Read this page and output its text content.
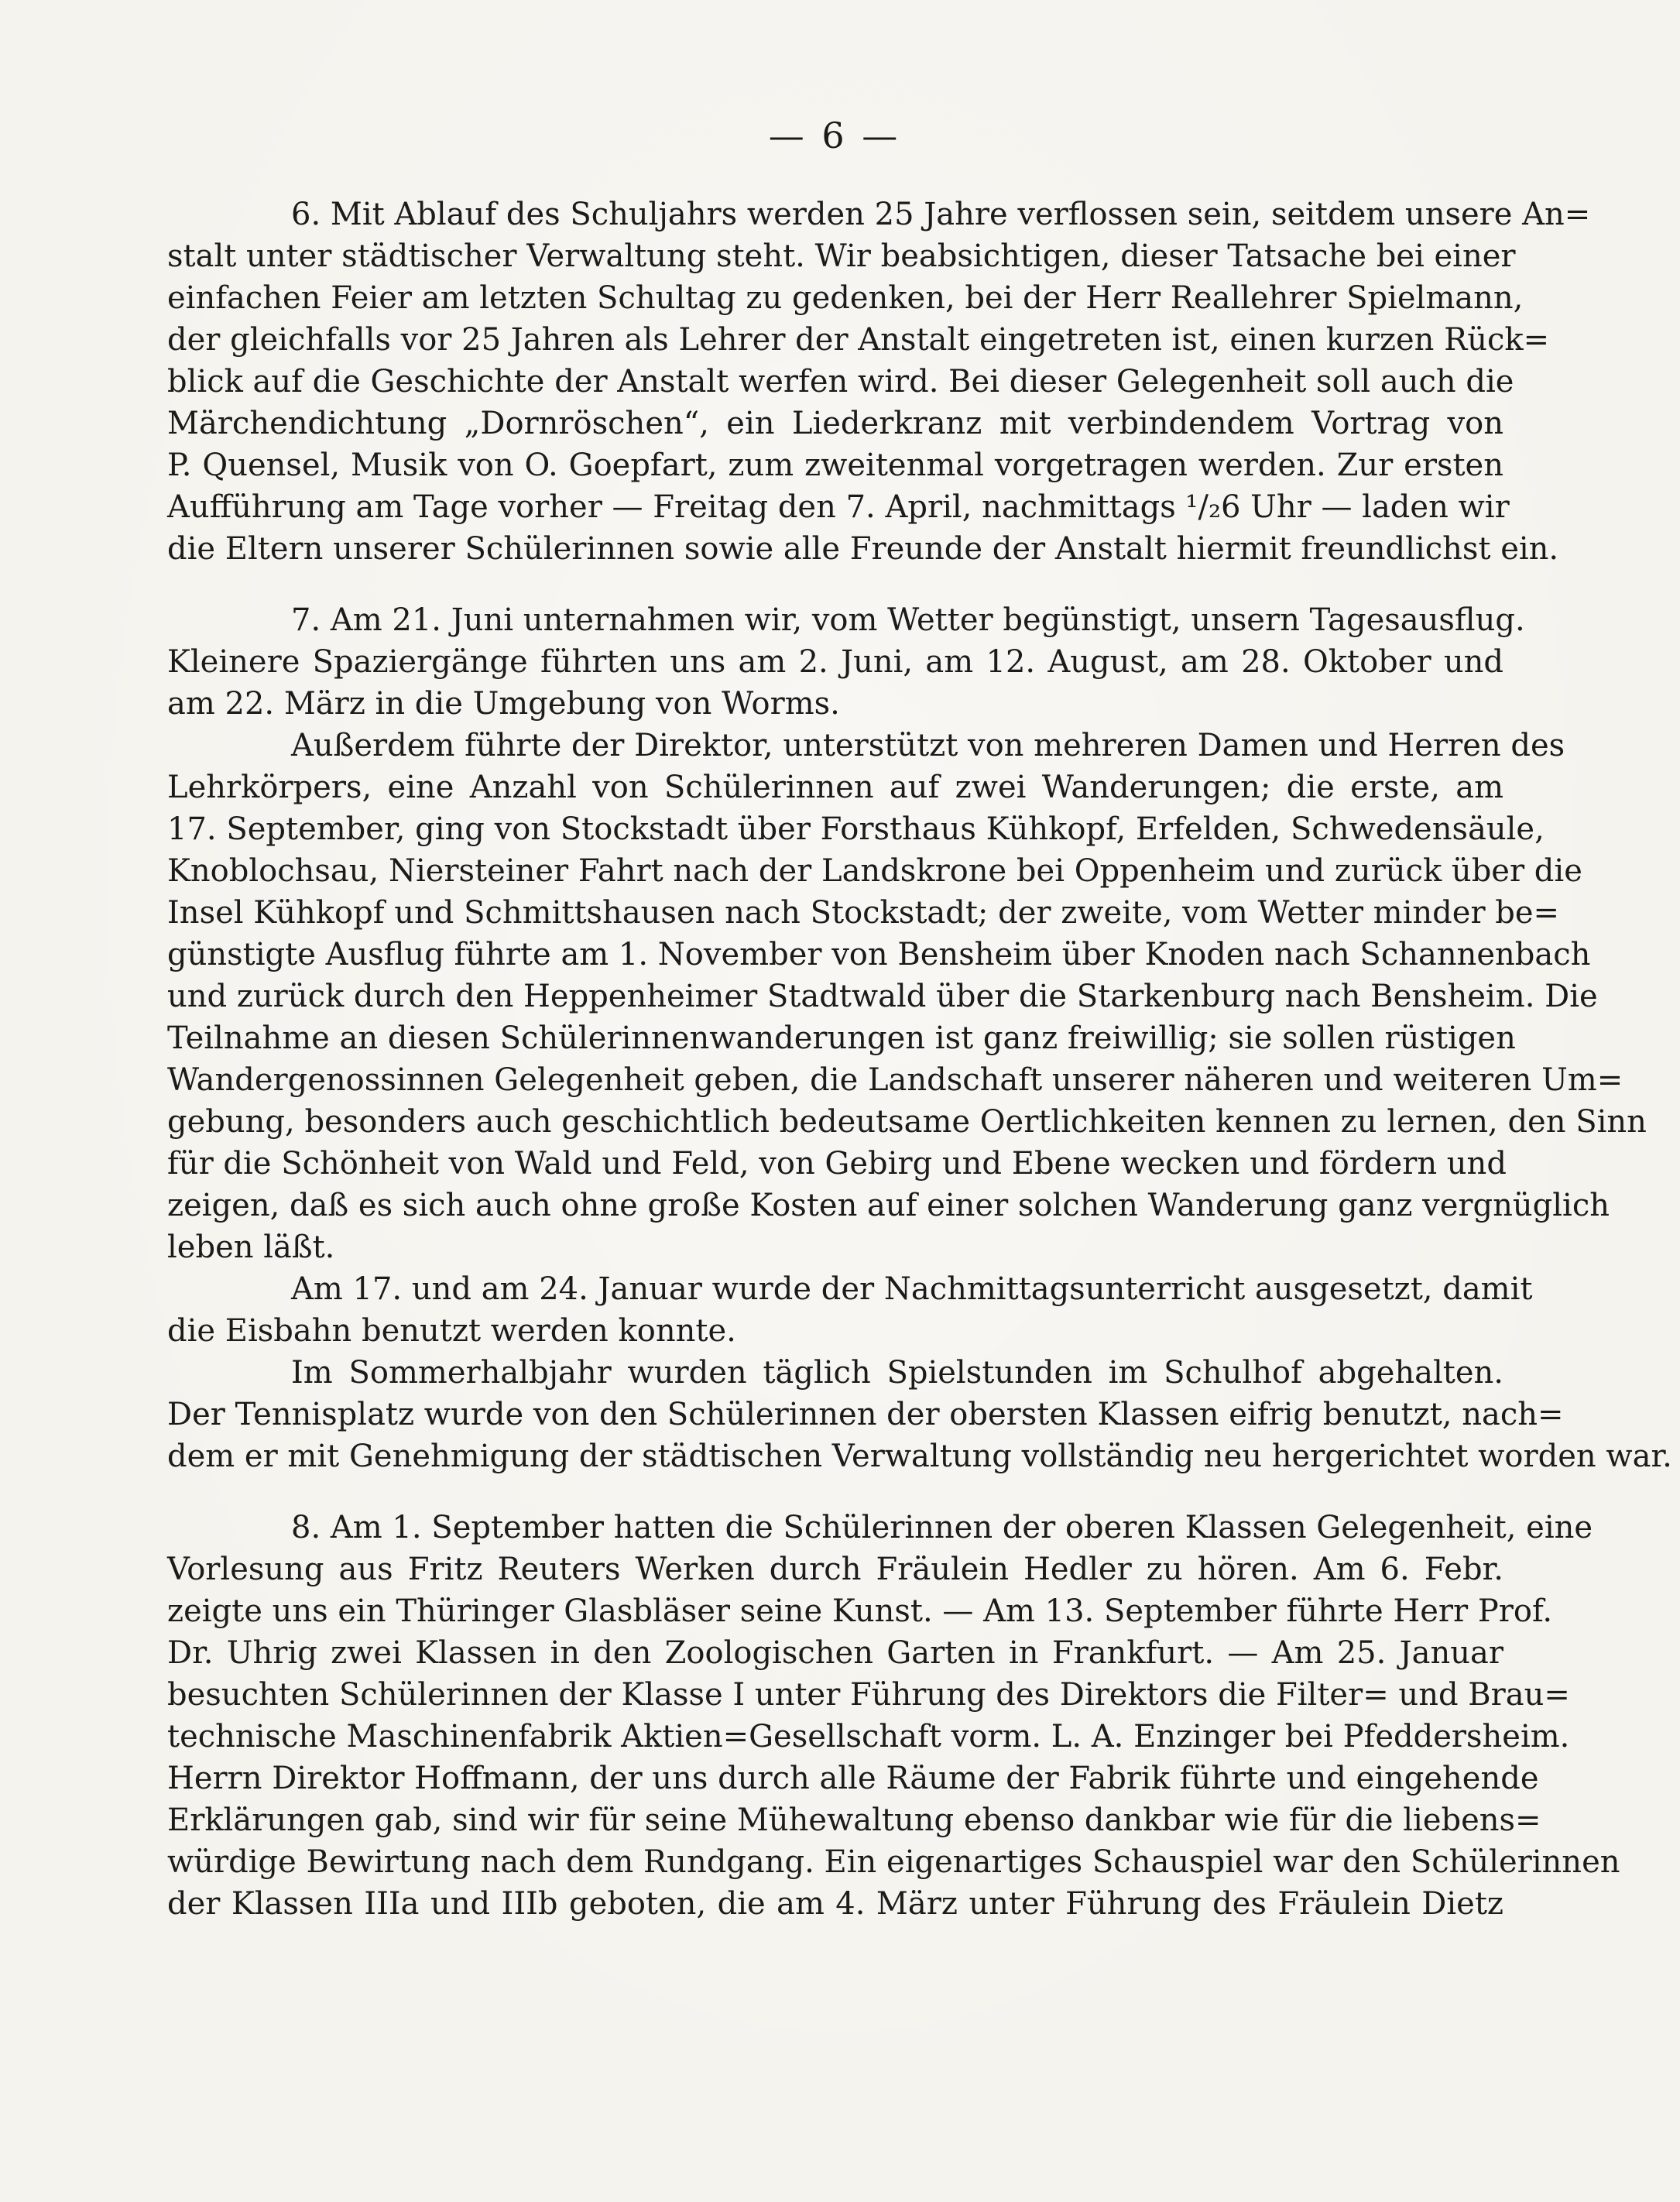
— 6 —
6. Mit Ablauf des Schuljahrs werden 25 Jahre verflossen sein, seitdem unsere An=
stalt unter städtischer Verwaltung steht. Wir beabsichtigen, dieser Tatsache bei einer
einfachen Feier am letzten Schultag zu gedenken, bei der Herr Reallehrer Spielmann,
der gleichfalls vor 25 Jahren als Lehrer der Anstalt eingetreten ist, einen kurzen Rück=
blick auf die Geschichte der Anstalt werfen wird. Bei dieser Gelegenheit soll auch die
Märchendichtung „Dornröschen“, ein Liederkranz mit verbindendem Vortrag von
P. Quensel, Musik von O. Goepfart, zum zweitenmal vorgetragen werden. Zur ersten
Aufführung am Tage vorher — Freitag den 7. April, nachmittags ¹/₂6 Uhr — laden wir
die Eltern unserer Schülerinnen sowie alle Freunde der Anstalt hiermit freundlichst ein.
7. Am 21. Juni unternahmen wir, vom Wetter begünstigt, unsern Tagesausflug.
Kleinere Spaziergänge führten uns am 2. Juni, am 12. August, am 28. Oktober und
am 22. März in die Umgebung von Worms.
Außerdem führte der Direktor, unterstützt von mehreren Damen und Herren des
Lehrkörpers, eine Anzahl von Schülerinnen auf zwei Wanderungen; die erste, am
17. September, ging von Stockstadt über Forsthaus Kühkopf, Erfelden, Schwedensäule,
Knoblochsau, Niersteiner Fahrt nach der Landskrone bei Oppenheim und zurück über die
Insel Kühkopf und Schmittshausen nach Stockstadt; der zweite, vom Wetter minder be=
günstigte Ausflug führte am 1. November von Bensheim über Knoden nach Schannenbach
und zurück durch den Heppenheimer Stadtwald über die Starkenburg nach Bensheim. Die
Teilnahme an diesen Schülerinnenwanderungen ist ganz freiwillig; sie sollen rüstigen
Wandergenossinnen Gelegenheit geben, die Landschaft unserer näheren und weiteren Um=
gebung, besonders auch geschichtlich bedeutsame Oertlichkeiten kennen zu lernen, den Sinn
für die Schönheit von Wald und Feld, von Gebirg und Ebene wecken und fördern und
zeigen, daß es sich auch ohne große Kosten auf einer solchen Wanderung ganz vergnüglich
leben läßt.
Am 17. und am 24. Januar wurde der Nachmittagsunterricht ausgesetzt, damit
die Eisbahn benutzt werden konnte.
Im Sommerhalbjahr wurden täglich Spielstunden im Schulhof abgehalten.
Der Tennisplatz wurde von den Schülerinnen der obersten Klassen eifrig benutzt, nach=
dem er mit Genehmigung der städtischen Verwaltung vollständig neu hergerichtet worden war.
8. Am 1. September hatten die Schülerinnen der oberen Klassen Gelegenheit, eine
Vorlesung aus Fritz Reuters Werken durch Fräulein Hedler zu hören. Am 6. Febr.
zeigte uns ein Thüringer Glasbläser seine Kunst. — Am 13. September führte Herr Prof.
Dr. Uhrig zwei Klassen in den Zoologischen Garten in Frankfurt. — Am 25. Januar
besuchten Schülerinnen der Klasse I unter Führung des Direktors die Filter= und Brau=
technische Maschinenfabrik Aktien=Gesellschaft vorm. L. A. Enzinger bei Pfeddersheim.
Herrn Direktor Hoffmann, der uns durch alle Räume der Fabrik führte und eingehende
Erklärungen gab, sind wir für seine Mühewaltung ebenso dankbar wie für die liebens=
würdige Bewirtung nach dem Rundgang. Ein eigenartiges Schauspiel war den Schülerinnen
der Klassen IIIa und IIIb geboten, die am 4. März unter Führung des Fräulein Dietz
